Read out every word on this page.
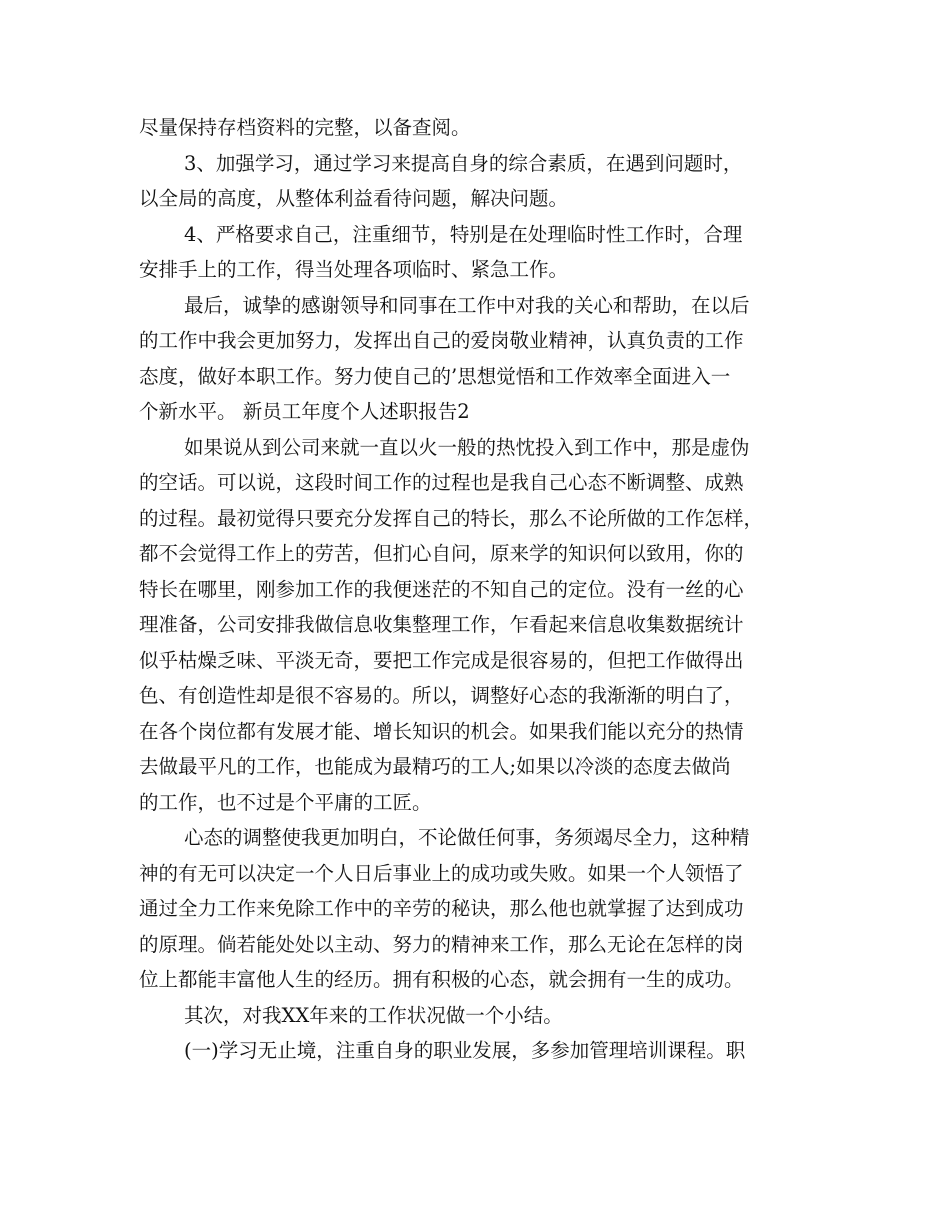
尽量保持存档资料的完整，以备查阅。
3、加强学习，通过学习来提高自身的综合素质，在遇到问题时，
以全局的高度，从整体利益看待问题，解决问题。
4、严格要求自己，注重细节，特别是在处理临时性工作时，合理
安排手上的工作，得当处理各项临时、紧急工作。
最后，诚挚的感谢领导和同事在工作中对我的关心和帮助，在以后
的工作中我会更加努力，发挥出自己的爱岗敬业精神，认真负责的工作
态度，做好本职工作。努力使自己的’思想觉悟和工作效率全面进入一
个新水平。 新员工年度个人述职报告2
如果说从到公司来就一直以火一般的热忱投入到工作中，那是虚伪
的空话。可以说，这段时间工作的过程也是我自己心态不断调整、成熟
的过程。最初觉得只要充分发挥自己的特长，那么不论所做的工作怎样，
都不会觉得工作上的劳苦，但扪心自问，原来学的知识何以致用，你的
特长在哪里，刚参加工作的我便迷茫的不知自己的定位。没有一丝的心
理准备，公司安排我做信息收集整理工作，乍看起来信息收集数据统计
似乎枯燥乏味、平淡无奇，要把工作完成是很容易的，但把工作做得出
色、有创造性却是很不容易的。所以，调整好心态的我渐渐的明白了，
在各个岗位都有发展才能、增长知识的机会。如果我们能以充分的热情
去做最平凡的工作，也能成为最精巧的工人;如果以冷淡的态度去做尚
的工作，也不过是个平庸的工匠。
心态的调整使我更加明白，不论做任何事，务须竭尽全力，这种精
神的有无可以决定一个人日后事业上的成功或失败。如果一个人领悟了
通过全力工作来免除工作中的辛劳的秘诀，那么他也就掌握了达到成功
的原理。倘若能处处以主动、努力的精神来工作，那么无论在怎样的岗
位上都能丰富他人生的经历。拥有积极的心态，就会拥有一生的成功。
其次，对我XX年来的工作状况做一个小结。
(一)学习无止境，注重自身的职业发展，多参加管理培训课程。职
